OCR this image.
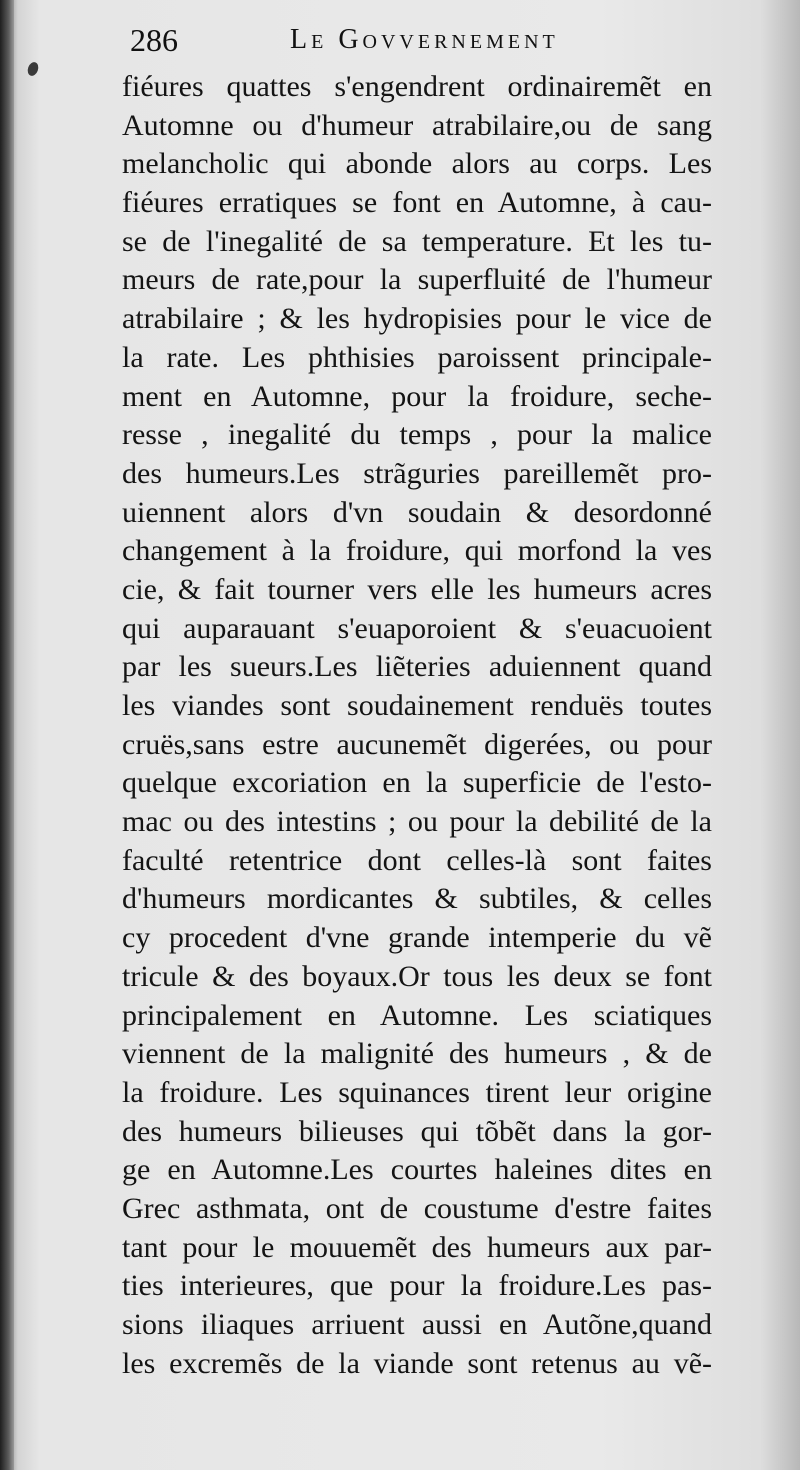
286	Le Govvernement
fiéures quattes s'engendrent ordinairemẽt en
Automne ou d'humeur atrabilaire,ou de sang
melancholic qui abonde alors au corps. Les
fiéures erratiques se font en Automne, à cau-
se de l'inegalité de sa temperature. Et les tu-
meurs de rate,pour la superfluité de l'humeur
atrabilaire ; & les hydropisies pour le vice de
la rate. Les phthisies paroissent principale-
ment en Automne, pour la froidure, seche-
resse , inegalité du temps , pour la malice
des humeurs.Les strãguries pareillemẽt pro-
uiennent alors d'vn soudain & desordonné
changement à la froidure, qui morfond la ves
cie, & fait tourner vers elle les humeurs acres
qui auparauant s'euaporoient & s'euacuoient
par les sueurs.Les liẽteries aduiennent quand
les viandes sont soudainement renduës toutes
cruës,sans estre aucunemẽt digerées, ou pour
quelque excoriation en la superficie de l'esto-
mac ou des intestins ; ou pour la debilité de la
faculté retentrice dont celles-là sont faites
d'humeurs mordicantes & subtiles, & celles
cy procedent d'vne grande intemperie du vẽ
tricule & des boyaux.Or tous les deux se font
principalement en Automne. Les sciatiques
viennent de la malignité des humeurs , & de
la froidure. Les squinances tirent leur origine
des humeurs bilieuses qui tõbẽt dans la gor-
ge en Automne.Les courtes haleines dites en
Grec asthmata, ont de coustume d'estre faites
tant pour le mouuemẽt des humeurs aux par-
ties interieures, que pour la froidure.Les pas-
sions iliaques arriuent aussi en Autõne,quand
les excremẽs de la viande sont retenus au vẽ-
